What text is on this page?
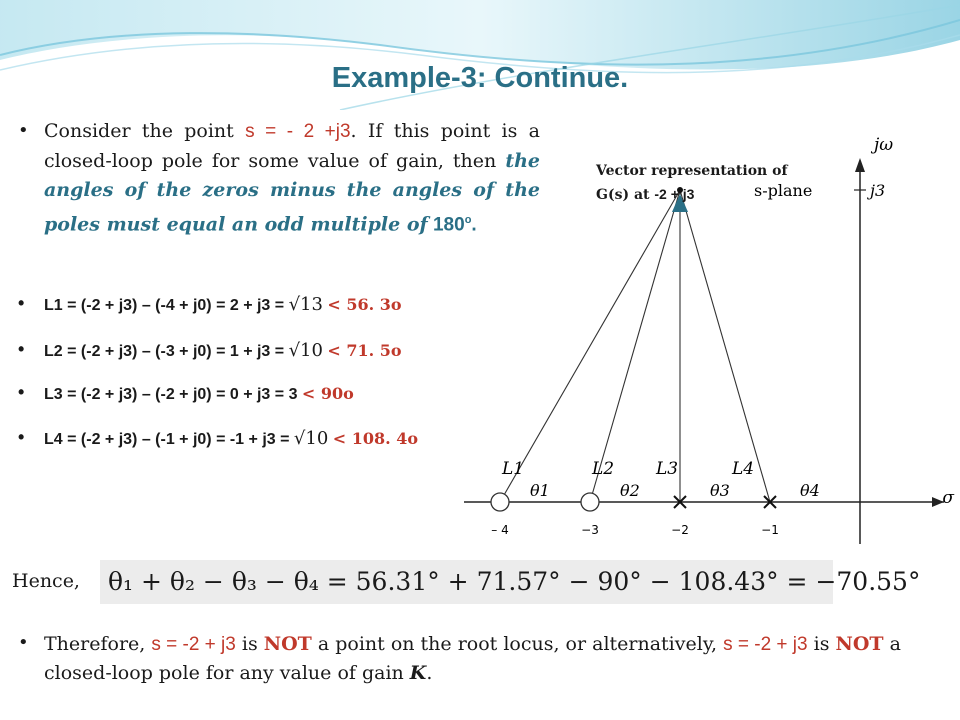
Example-3: Continue.
• Consider the point s = - 2 +j3. If this point is a closed-loop pole for some value of gain, then the angles of the zeros minus the angles of the poles must equal an odd multiple of 180$^o$.
• L1 = (-2 + j3) – (-4 + j0) = 2 + j3 = √13 < 56. 3o
• L2 = (-2 + j3) – (-3 + j0) = 1 + j3 = √10 < 71. 5o
• L3 = (-2 + j3) – (-2 + j0) = 0 + j3 = 3 < 90o
• L4 = (-2 + j3) – (-1 + j0) = -1 + j3 = √10 < 108. 4o
jω
σ
j3
s-plane
– 4	−3	−2	−1
L1	L2 L3	L4
θ1	θ2	θ3	θ4
Vector representation of
G(s) at -2 + j3
Hence,	θ₁ + θ₂ − θ₃ − θ₄ = 56.31° + 71.57° − 90° − 108.43° = −70.55°
• Therefore, s = -2 + j3 is NOT a point on the root locus, or alternatively, s = -2 + j3 is NOT a closed-loop pole for any value of gain K.
